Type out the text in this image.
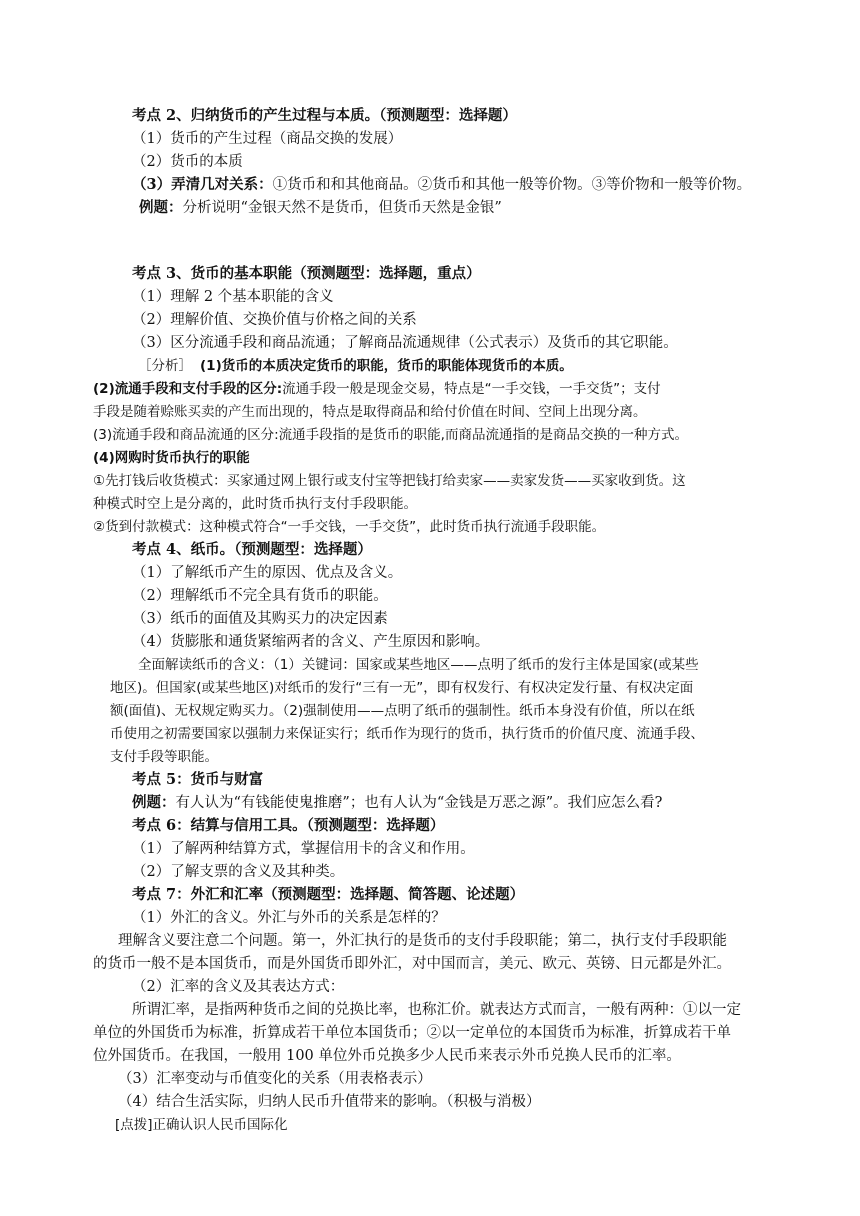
考点 2、归纳货币的产生过程与本质。（预测题型：选择题）
（1）货币的产生过程（商品交换的发展）
（2）货币的本质
（3）弄清几对关系：①货币和和其他商品。②货币和其他一般等价物。③等价物和一般等价物。
例题：分析说明“金银天然不是货币，但货币天然是金银”
考点 3、货币的基本职能（预测题型：选择题，重点）
（1）理解 2 个基本职能的含义
（2）理解价值、交换价值与价格之间的关系
（3）区分流通手段和商品流通；了解商品流通规律（公式表示）及货币的其它职能。
［分析］ (1)货币的本质决定货币的职能，货币的职能体现货币的本质。
(2)流通手段和支付手段的区分:流通手段一般是现金交易，特点是“一手交钱，一手交货”；支付
手段是随着赊账买卖的产生而出现的，特点是取得商品和给付价值在时间、空间上出现分离。
(3)流通手段和商品流通的区分:流通手段指的是货币的职能,而商品流通指的是商品交换的一种方式。
(4)网购时货币执行的职能
①先打钱后收货模式：买家通过网上银行或支付宝等把钱打给卖家——卖家发货——买家收到货。这
种模式时空上是分离的，此时货币执行支付手段职能。
②货到付款模式：这种模式符合“一手交钱，一手交货”，此时货币执行流通手段职能。
考点 4、纸币。（预测题型：选择题）
（1）了解纸币产生的原因、优点及含义。
（2）理解纸币不完全具有货币的职能。
（3）纸币的面值及其购买力的决定因素
（4）货膨胀和通货紧缩两者的含义、产生原因和影响。
全面解读纸币的含义：（1）关键词：国家或某些地区——点明了纸币的发行主体是国家(或某些
地区)。但国家(或某些地区)对纸币的发行“三有一无”，即有权发行、有权决定发行量、有权决定面
额(面值)、无权规定购买力。（2)强制使用——点明了纸币的强制性。纸币本身没有价值，所以在纸
币使用之初需要国家以强制力来保证实行；纸币作为现行的货币，执行货币的价值尺度、流通手段、
支付手段等职能。
考点 5：货币与财富
例题：有人认为“有钱能使鬼推磨”；也有人认为“金钱是万恶之源”。我们应怎么看?
考点 6：结算与信用工具。（预测题型：选择题）
（1）了解两种结算方式，掌握信用卡的含义和作用。
（2）了解支票的含义及其种类。
考点 7：外汇和汇率（预测题型：选择题、简答题、论述题）
（1）外汇的含义。外汇与外币的关系是怎样的？
理解含义要注意二个问题。第一，外汇执行的是货币的支付手段职能；第二，执行支付手段职能
的货币一般不是本国货币，而是外国货币即外汇，对中国而言，美元、欧元、英镑、日元都是外汇。
（2）汇率的含义及其表达方式：
所谓汇率，是指两种货币之间的兑换比率，也称汇价。就表达方式而言，一般有两种：①以一定
单位的外国货币为标准，折算成若干单位本国货币；②以一定单位的本国货币为标准，折算成若干单
位外国货币。在我国，一般用 100 单位外币兑换多少人民币来表示外币兑换人民币的汇率。
（3）汇率变动与币值变化的关系（用表格表示）
（4）结合生活实际，归纳人民币升值带来的影响。（积极与消极）
[点拨]正确认识人民币国际化
